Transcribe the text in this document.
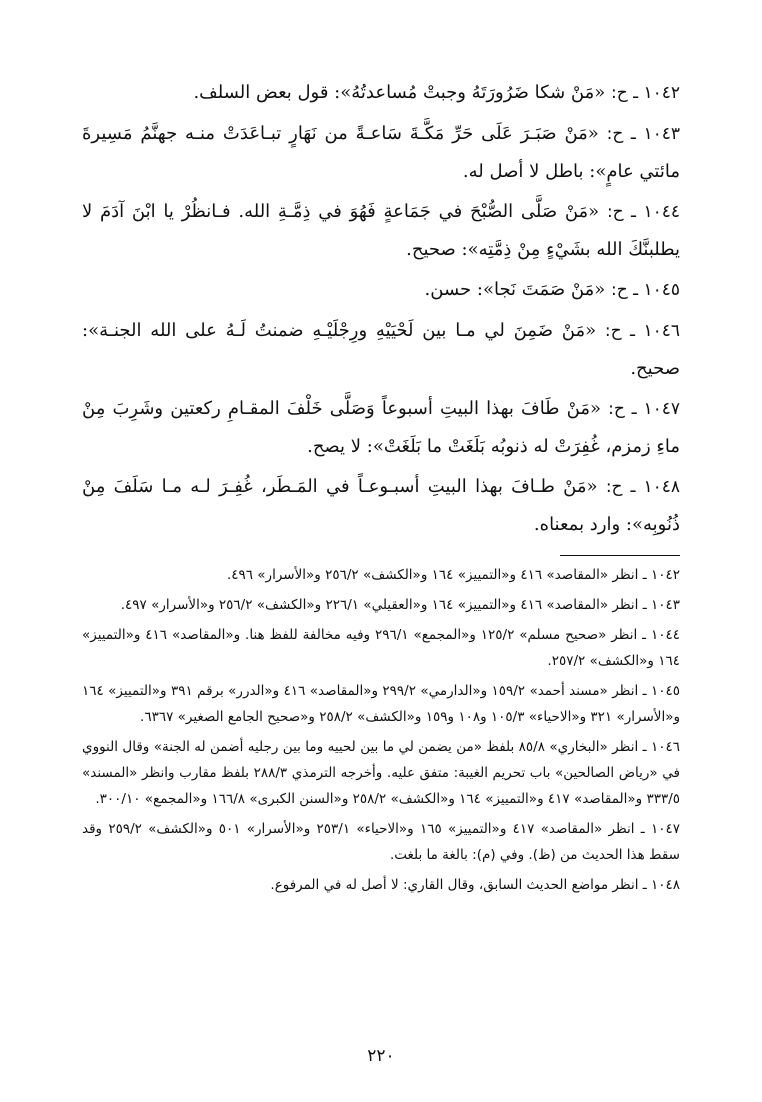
١٠٤٢ ـ ح: «مَنْ شكا ضَرُورَتَهُ وجبتْ مُساعدتُهُ»: قول بعض السلف.
١٠٤٣ ـ ح: «مَنْ صَبَـرَ عَلَى حَرِّ مَكَّـةَ سَاعـةً من نَهَارٍ تبـاعَدَتْ منـه جهنَّمُ مَسِيرةَ مائتي عامٍ»: باطل لا أصل له.
١٠٤٤ ـ ح: «مَنْ صَلَّى الصُّبْحَ في جَمَاعةٍ فَهُوَ في ذِمَّـةِ الله. فـانظُرْ يا ابْنَ آدَمَ لا يطلبنَّكَ الله بشَيْءٍ مِنْ ذِمَّتِه»: صحيح.
١٠٤٥ ـ ح: «مَنْ صَمَتَ نَجا»: حسن.
١٠٤٦ ـ ح: «مَنْ ضَمِنَ لي مـا بين لَحْيَيْهِ ورِجْلَيْـهِ ضمنتُ لَـهُ على الله الجنـة»: صحيح.
١٠٤٧ ـ ح: «مَنْ طَافَ بهذا البيتِ أسبوعاً وَصَلَّى خَلْفَ المقـامِ ركعتين وشَرِبَ مِنْ ماءِ زمزم، غُفِرَتْ له ذنوبُه بَلَغَتْ ما بَلَغَتْ»: لا يصح.
١٠٤٨ ـ ح: «مَنْ طـافَ بهذا البيتِ أسبـوعـاً في المَـطَر، غُفِـرَ لـه مـا سَلَفَ مِنْ ذُنُوبِه»: وارد بمعناه.
١٠٤٢ ـ انظر «المقاصد» ٤١٦ و«التمييز» ١٦٤ و«الكشف» ٢٥٦/٢ و«الأسرار» ٤٩٦.
١٠٤٣ ـ انظر «المقاصد» ٤١٦ و«التمييز» ١٦٤ و«العقيلي» ٢٢٦/١ و«الكشف» ٢٥٦/٢ و«الأسرار» ٤٩٧.
١٠٤٤ ـ انظر «صحيح مسلم» ١٢٥/٢ و«المجمع» ٢٩٦/١ وفيه مخالفة للفظ هنا. و«المقاصد» ٤١٦ و«التمييز» ١٦٤ و«الكشف» ٢٥٧/٢.
١٠٤٥ ـ انظر «مسند أحمد» ١٥٩/٢ و«الدارمي» ٢٩٩/٢ و«المقاصد» ٤١٦ و«الدرر» برقم ٣٩١ و«التمييز» ١٦٤ و«الأسرار» ٣٢١ و«الاحياء» ١٠٥/٣ و١٠٨ و١٥٩ و«الكشف» ٢٥٨/٢ و«صحيح الجامع الصغير» ٦٣٦٧.
١٠٤٦ ـ انظر «البخاري» ٨٥/٨ بلفظ «من يضمن لي ما بين لحييه وما بين رجليه أضمن له الجنة» وقال النووي في «رياض الصالحين» باب تحريم الغيبة: متفق عليه. وأخرجه الترمذي ٢٨٨/٣ بلفظ مقارب وانظر «المسند» ٣٣٣/٥ و«المقاصد» ٤١٧ و«التمييز» ١٦٤ و«الكشف» ٢٥٨/٢ و«السنن الكبرى» ١٦٦/٨ و«المجمع» ٣٠٠/١٠.
١٠٤٧ ـ انظر «المقاصد» ٤١٧ و«التمييز» ١٦٥ و«الاحياء» ٢٥٣/١ و«الأسرار» ٥٠١ و«الكشف» ٢٥٩/٢ وقد سقط هذا الحديث من (ظ). وفي (م): بالغة ما بلغت.
١٠٤٨ ـ انظر مواضع الحديث السابق، وقال القاري: لا أصل له في المرفوع.
٢٢٠
